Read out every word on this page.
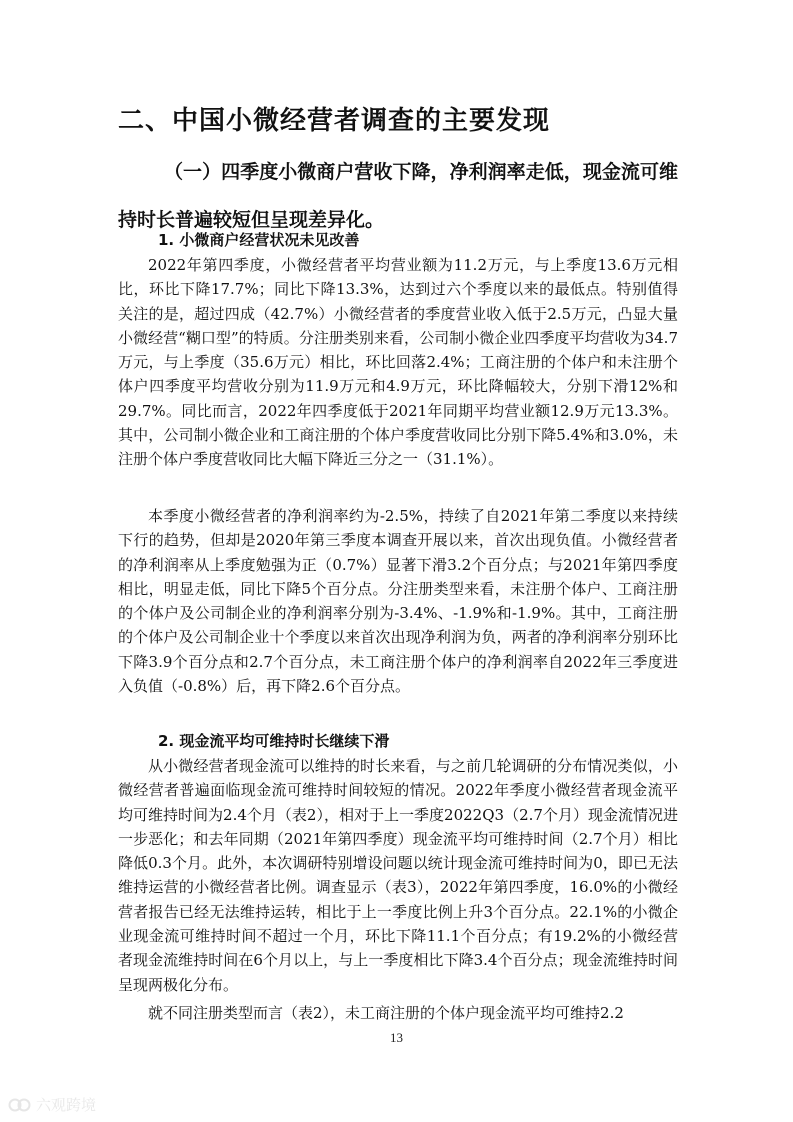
二、中国小微经营者调查的主要发现
（一）四季度小微商户营收下降，净利润率走低，现金流可维持时长普遍较短但呈现差异化。
1. 小微商户经营状况未见改善

2022年第四季度，小微经营者平均营业额为11.2万元，与上季度13.6万元相比，环比下降17.7%；同比下降13.3%，达到过六个季度以来的最低点。特别值得关注的是，超过四成（42.7%）小微经营者的季度营业收入低于2.5万元，凸显大量小微经营“糊口型”的特质。分注册类别来看，公司制小微企业四季度平均营收为34.7万元，与上季度（35.6万元）相比，环比回落2.4%；工商注册的个体户和未注册个体户四季度平均营收分别为11.9万元和4.9万元，环比降幅较大，分别下滑12%和29.7%。同比而言，2022年四季度低于2021年同期平均营业额12.9万元13.3%。其中，公司制小微企业和工商注册的个体户季度营收同比分别下降5.4%和3.0%，未注册个体户季度营收同比大幅下降近三分之一（31.1%）。

本季度小微经营者的净利润率约为-2.5%，持续了自2021年第二季度以来持续下行的趋势，但却是2020年第三季度本调查开展以来，首次出现负值。小微经营者的净利润率从上季度勉强为正（0.7%）显著下滑3.2个百分点；与2021年第四季度相比，明显走低，同比下降5个百分点。分注册类型来看，未注册个体户、工商注册的个体户及公司制企业的净利润率分别为-3.4%、-1.9%和-1.9%。其中，工商注册的个体户及公司制企业十个季度以来首次出现净利润为负，两者的净利润率分别环比下降3.9个百分点和2.7个百分点，未工商注册个体户的净利润率自2022年三季度进入负值（-0.8%）后，再下降2.6个百分点。

2. 现金流平均可维持时长继续下滑

从小微经营者现金流可以维持的时长来看，与之前几轮调研的分布情况类似，小微经营者普遍面临现金流可维持时间较短的情况。2022年季度小微经营者现金流平均可维持时间为2.4个月（表2），相对于上一季度2022Q3（2.7个月）现金流情况进一步恶化；和去年同期（2021年第四季度）现金流平均可维持时间（2.7个月）相比降低0.3个月。此外，本次调研特别增设问题以统计现金流可维持时间为0，即已无法维持运营的小微经营者比例。调查显示（表3），2022年第四季度，16.0%的小微经营者报告已经无法维持运转，相比于上一季度比例上升3个百分点。22.1%的小微企业现金流可维持时间不超过一个月，环比下降11.1个百分点；有19.2%的小微经营者现金流维持时间在6个月以上，与上一季度相比下降3.4个百分点；现金流维持时间呈现两极化分布。

就不同注册类型而言（表2），未工商注册的个体户现金流平均可维持2.2

13
六观跨境
